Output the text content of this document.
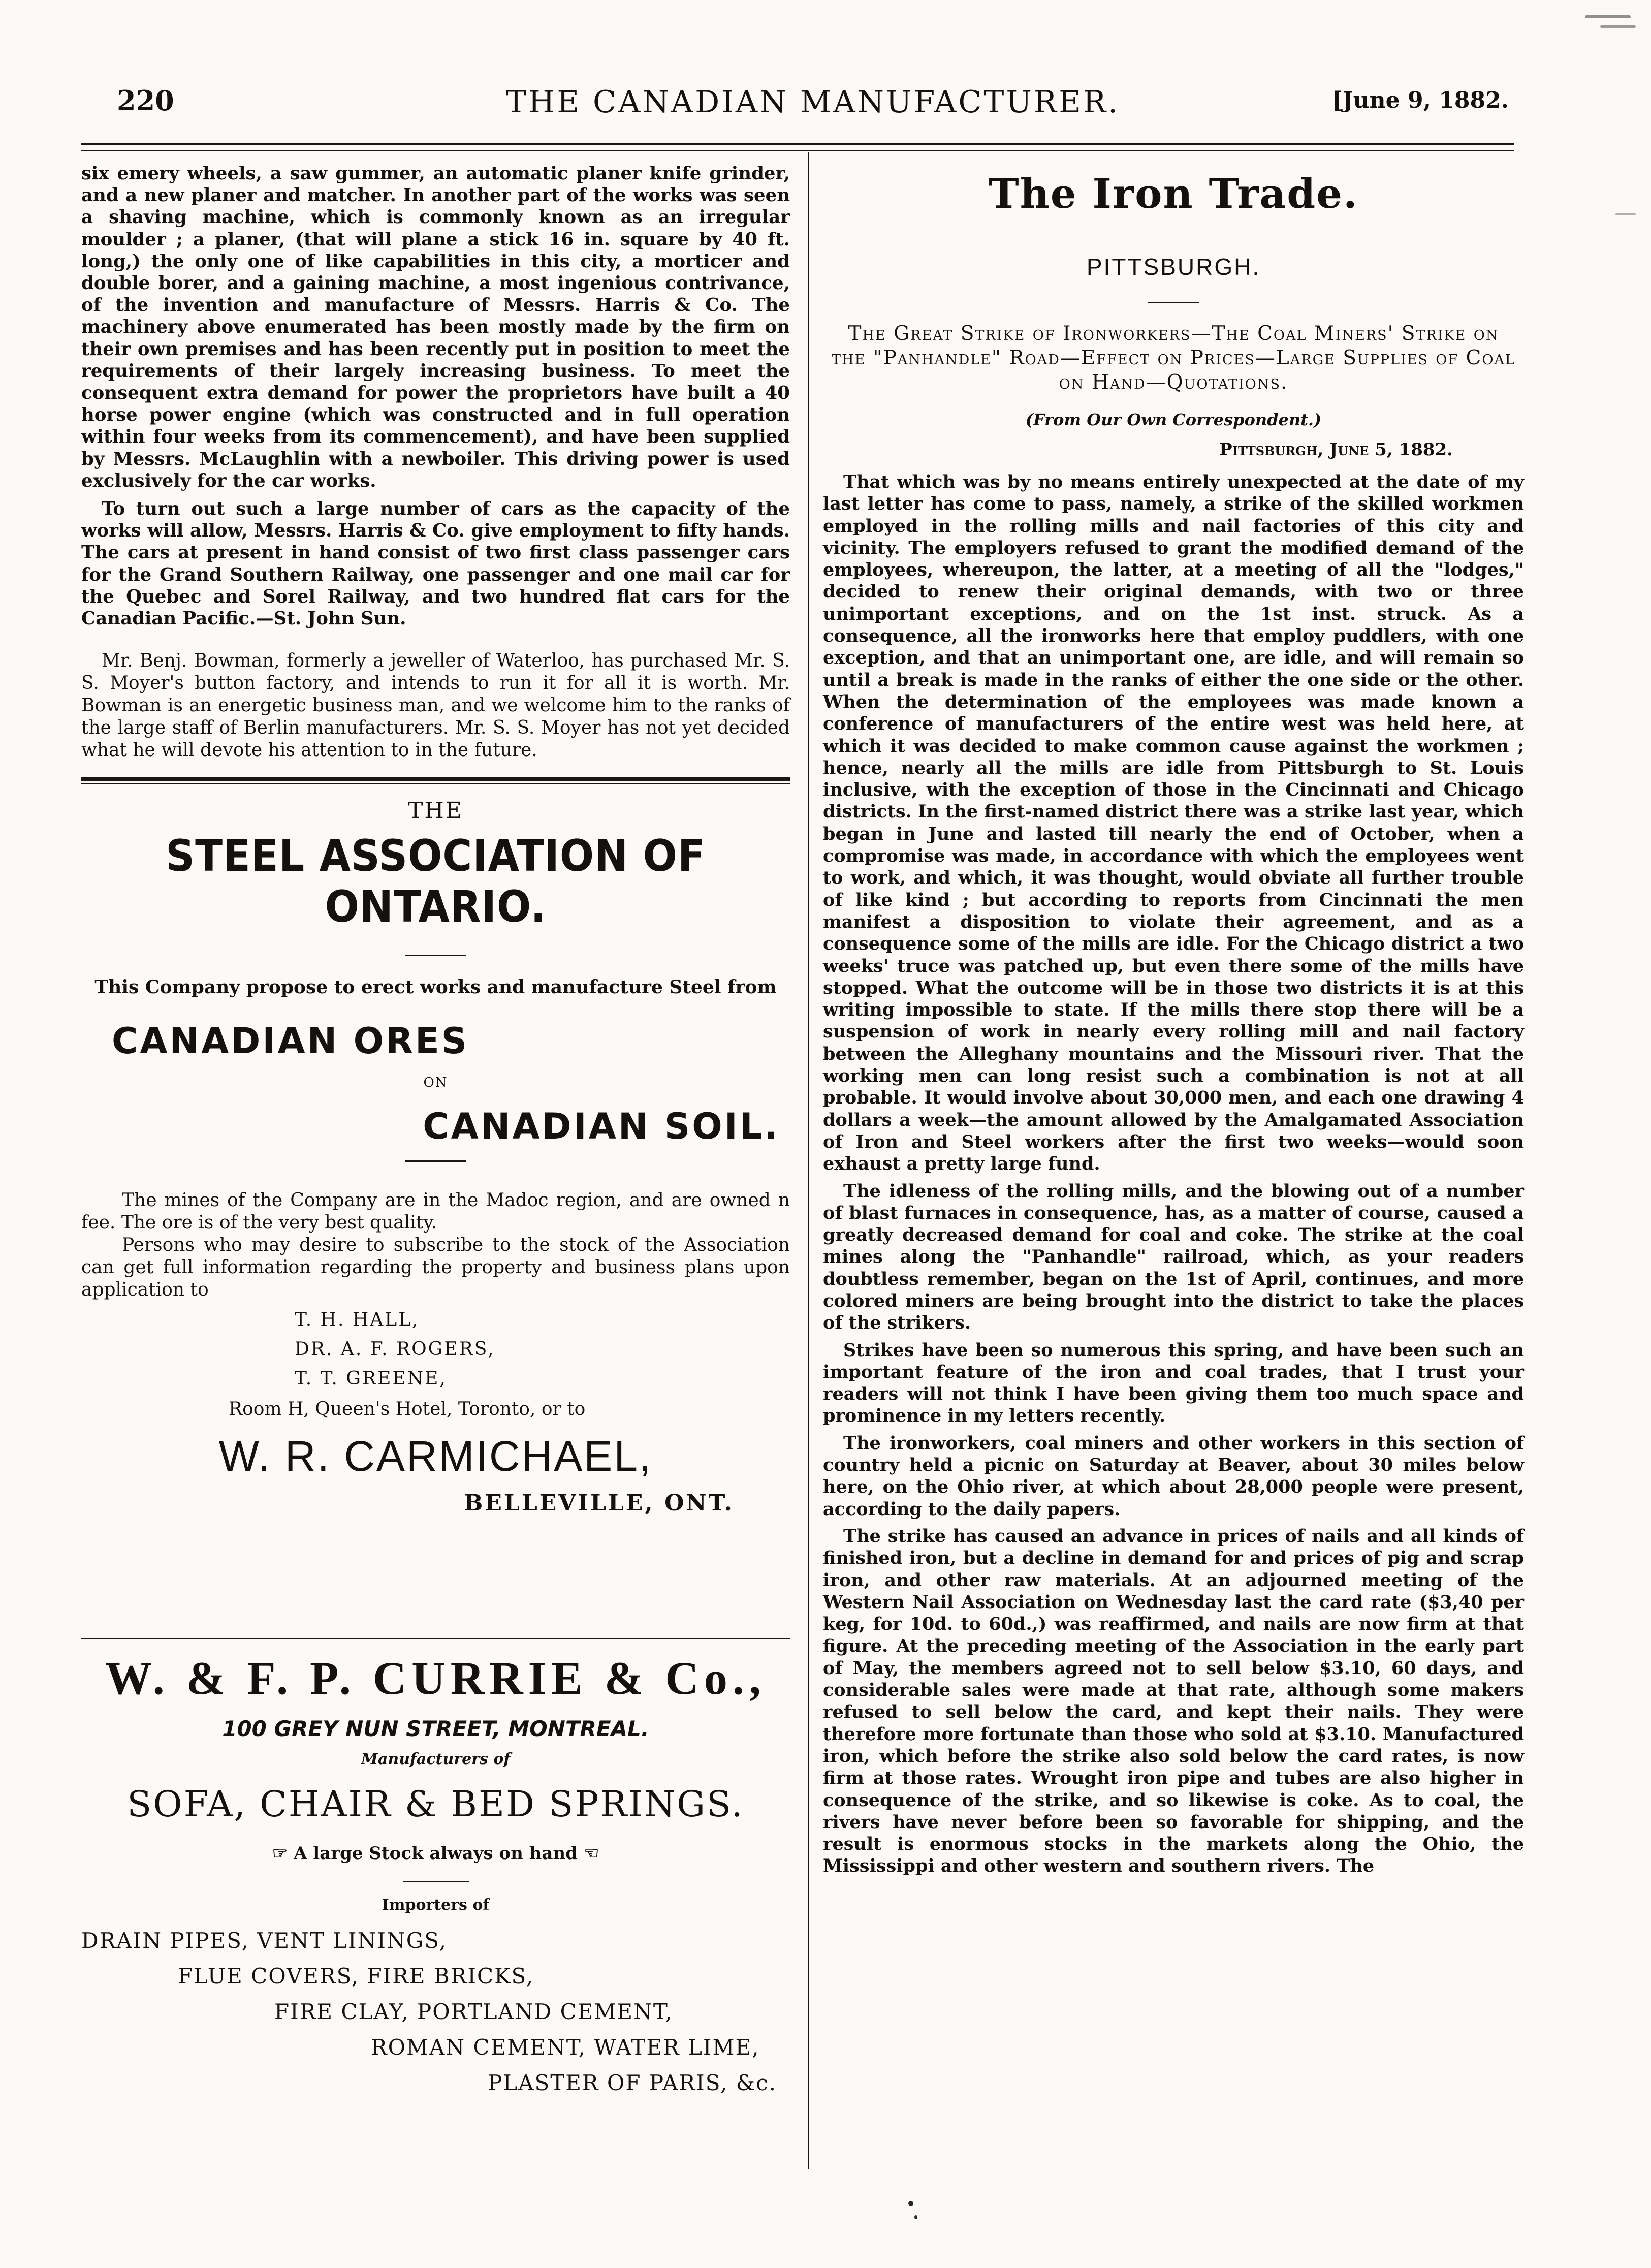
220	THE CANADIAN MANUFACTURER.	[June 9, 1882.

six emery wheels, a saw gummer, an automatic planer knife grinder, and a new planer and matcher. In another part of the works was seen a shaving machine, which is commonly known as an irregular moulder ; a planer, (that will plane a stick 16 in. square by 40 ft. long,) the only one of like capabilities in this city, a morticer and double borer, and a gaining machine, a most ingenious contrivance, of the invention and manufacture of Messrs. Harris & Co. The machinery above enumerated has been mostly made by the firm on their own premises and has been recently put in position to meet the requirements of their largely increasing business. To meet the consequent extra demand for power the proprietors have built a 40 horse power engine (which was constructed and in full operation within four weeks from its commencement), and have been supplied by Messrs. McLaughlin with a newboiler. This driving power is used exclusively for the car works.

To turn out such a large number of cars as the capacity of the works will allow, Messrs. Harris & Co. give employment to fifty hands. The cars at present in hand consist of two first class passenger cars for the Grand Southern Railway, one passenger and one mail car for the Quebec and Sorel Railway, and two hundred flat cars for the Canadian Pacific.—St. John Sun.

Mr. Benj. Bowman, formerly a jeweller of Waterloo, has purchased Mr. S. S. Moyer's button factory, and intends to run it for all it is worth. Mr. Bowman is an energetic business man, and we welcome him to the ranks of the large staff of Berlin manufacturers. Mr. S. S. Moyer has not yet decided what he will devote his attention to in the future.

THE
STEEL ASSOCIATION OF ONTARIO.
This Company propose to erect works and manufacture Steel from
CANADIAN ORES
ON
CANADIAN SOIL.

The mines of the Company are in the Madoc region, and are owned n fee. The ore is of the very best quality.

Persons who may desire to subscribe to the stock of the Association can get full information regarding the property and business plans upon application to

T. H. HALL,
DR. A. F. ROGERS,
T. T. GREENE,
Room H, Queen's Hotel, Toronto, or to
W. R. CARMICHAEL,
BELLEVILLE, ONT.
W. & F. P. CURRIE & Co.,
100 GREY NUN STREET, MONTREAL.
Manufacturers of
SOFA, CHAIR & BED SPRINGS.
☞ A large Stock always on hand ☜
Importers of
DRAIN PIPES, VENT LININGS,
FLUE COVERS, FIRE BRICKS,
FIRE CLAY, PORTLAND CEMENT,
ROMAN CEMENT, WATER LIME,
PLASTER OF PARIS, &c.
The Iron Trade.
PITTSBURGH.
The Great Strike of Ironworkers—The Coal Miners' Strike on the "Panhandle" Road—Effect on Prices—Large Supplies of Coal on Hand—Quotations.
(From Our Own Correspondent.)
Pittsburgh, June 5, 1882.

That which was by no means entirely unexpected at the date of my last letter has come to pass, namely, a strike of the skilled workmen employed in the rolling mills and nail factories of this city and vicinity. The employers refused to grant the modified demand of the employees, whereupon, the latter, at a meeting of all the "lodges," decided to renew their original demands, with two or three unimportant exceptions, and on the 1st inst. struck. As a consequence, all the ironworks here that employ puddlers, with one exception, and that an unimportant one, are idle, and will remain so until a break is made in the ranks of either the one side or the other. When the determination of the employees was made known a conference of manufacturers of the entire west was held here, at which it was decided to make common cause against the workmen ; hence, nearly all the mills are idle from Pittsburgh to St. Louis inclusive, with the exception of those in the Cincinnati and Chicago districts. In the first-named district there was a strike last year, which began in June and lasted till nearly the end of October, when a compromise was made, in accordance with which the employees went to work, and which, it was thought, would obviate all further trouble of like kind ; but according to reports from Cincinnati the men manifest a disposition to violate their agreement, and as a consequence some of the mills are idle. For the Chicago district a two weeks' truce was patched up, but even there some of the mills have stopped. What the outcome will be in those two districts it is at this writing impossible to state. If the mills there stop there will be a suspension of work in nearly every rolling mill and nail factory between the Alleghany mountains and the Missouri river. That the working men can long resist such a combination is not at all probable. It would involve about 30,000 men, and each one drawing 4 dollars a week—the amount allowed by the Amalgamated Association of Iron and Steel workers after the first two weeks—would soon exhaust a pretty large fund.

The idleness of the rolling mills, and the blowing out of a number of blast furnaces in consequence, has, as a matter of course, caused a greatly decreased demand for coal and coke. The strike at the coal mines along the "Panhandle" railroad, which, as your readers doubtless remember, began on the 1st of April, continues, and more colored miners are being brought into the district to take the places of the strikers.

Strikes have been so numerous this spring, and have been such an important feature of the iron and coal trades, that I trust your readers will not think I have been giving them too much space and prominence in my letters recently.

The ironworkers, coal miners and other workers in this section of country held a picnic on Saturday at Beaver, about 30 miles below here, on the Ohio river, at which about 28,000 people were present, according to the daily papers.

The strike has caused an advance in prices of nails and all kinds of finished iron, but a decline in demand for and prices of pig and scrap iron, and other raw materials. At an adjourned meeting of the Western Nail Association on Wednesday last the card rate ($3,40 per keg, for 10d. to 60d.,) was reaffirmed, and nails are now firm at that figure. At the preceding meeting of the Association in the early part of May, the members agreed not to sell below $3.10, 60 days, and considerable sales were made at that rate, although some makers refused to sell below the card, and kept their nails. They were therefore more fortunate than those who sold at $3.10. Manufactured iron, which before the strike also sold below the card rates, is now firm at those rates. Wrought iron pipe and tubes are also higher in consequence of the strike, and so likewise is coke. As to coal, the rivers have never before been so favorable for shipping, and the result is enormous stocks in the markets along the Ohio, the Mississippi and other western and southern rivers. The
